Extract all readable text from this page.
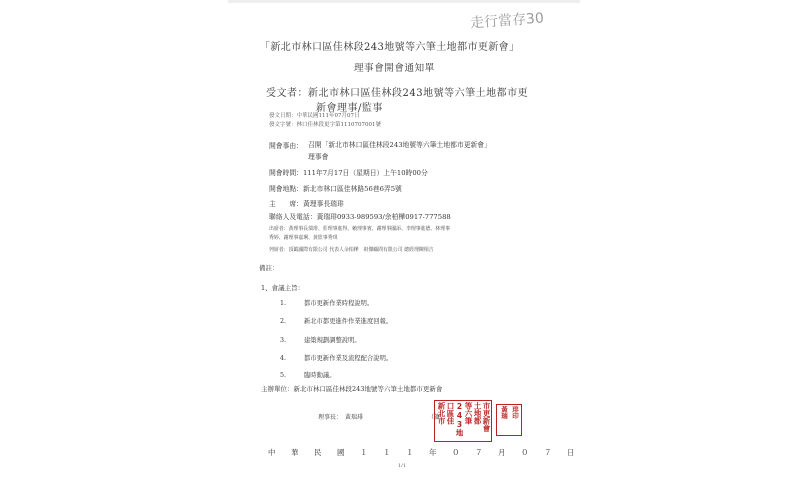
走行當存30
「新北市林口區佳林段243地號等六筆土地都市更新會」
理事會開會通知單
受文者：新北市林口區佳林段243地號等六筆土地都市更
新會理事/監事
發文日期：中華民國111年07月07日
發文字號：林口佳林段更字第1110707001號
開會事由： 召開「新北市林口區佳林段243地號等六筆土地都市更新會」
理事會
開會時間：111年7月17日（星期日）上午10時00分
開會地點：新北市林口區佳林路56巷6弄5號
主　　席：黃理事長瑞琲
聯絡人及電話：黃瑞琲0933-989593/余柏樺0917-777588
出席者：黃理事長瑞琲、莊理事進得、賴理事賓、謝理事國添、李理事進德、林理事
秀婷、謝理事嘉琍、黃監事秀琪
列席者：頂鉞國際有限公司 代表人余柏樺　祖傑顧問有限公司 總經理陳相吉
備註：
1、會議主旨：
1.	都市更新作業時程說明。
2.	新北市都更進件作業進度回報。
3.	建築規劃調整說明。
4.	都市更新作業及流程配合說明。
5.	臨時動議。
主辦單位：新北市林口區佳林段243地號等六筆土地都市更新會
理事長：　黃瑞琲	（簽
新北市 口區佳 243地 等六筆 土地都 市更新會 黃瑞 琲印
中　華　民　國　１　１　１　年　０　７　月　０　７　日
1/1
